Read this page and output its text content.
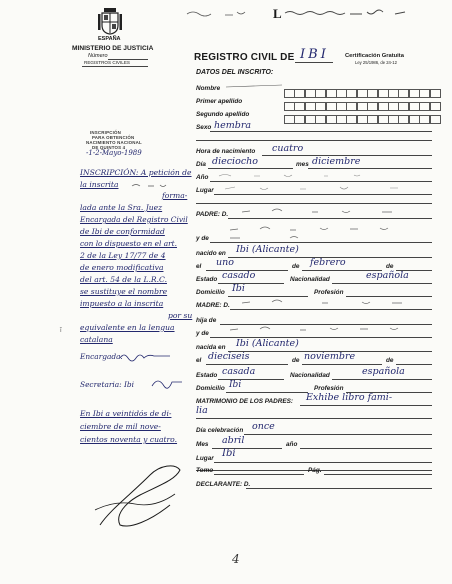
L
ESPAÑA
MINISTERIO DE JUSTICIA
Número
REGISTROS CIVILES
INSCRIPCIÓN
PARA OBTENCIÓN
NACIMIENTO NACIONAL
DE QUINTOS 4
-1-2-Mayo-1989
INSCRIPCIÓN: A petición de
la inscrita
forma-
lada ante la Sra. Juez
Encargada del Registro Civil
de Ibi de conformidad
con lo dispuesto en el art.
2 de la Ley 17/77 de 4
de enero modificativa
del art. 54 de la L.R.C.
se sustituye el nombre
impuesto a la inscrita
por su
equivalente en la lengua
catalana
Encargada:
Secretaria: Ibi
En Ibi a veintidós de di-
ciembre de mil nove-
cientos noventa y cuatro.
ĩ
REGISTRO CIVIL DE IBI	Certificación Gratuita
Ley 25/1986, de 24-12
DATOS DEL INSCRITO:
Nombre
Primer apellido
Segundo apellido
Sexo hembra
Hora de nacimiento cuatro
Día dieciocho	mes diciembre
Año
Lugar
PADRE: D.
y de
nacido en Ibi (Alicante)
el uno	de febrero	de
Estado casado	Nacionalidad	española
Domicilio Ibi	Profesión
MADRE: D.
hija de
y de
nacida en Ibi (Alicante)
el dieciseis	de noviembre	de
Estado casada	Nacionalidad	española
Domicilio Ibi	Profesión
MATRIMONIO DE LOS PADRES: Exhibe libro fami-
lia
Día celebración once
Mes abril	año
Lugar Ibi
Tomo	Pág.
DECLARANTE: D.
4
